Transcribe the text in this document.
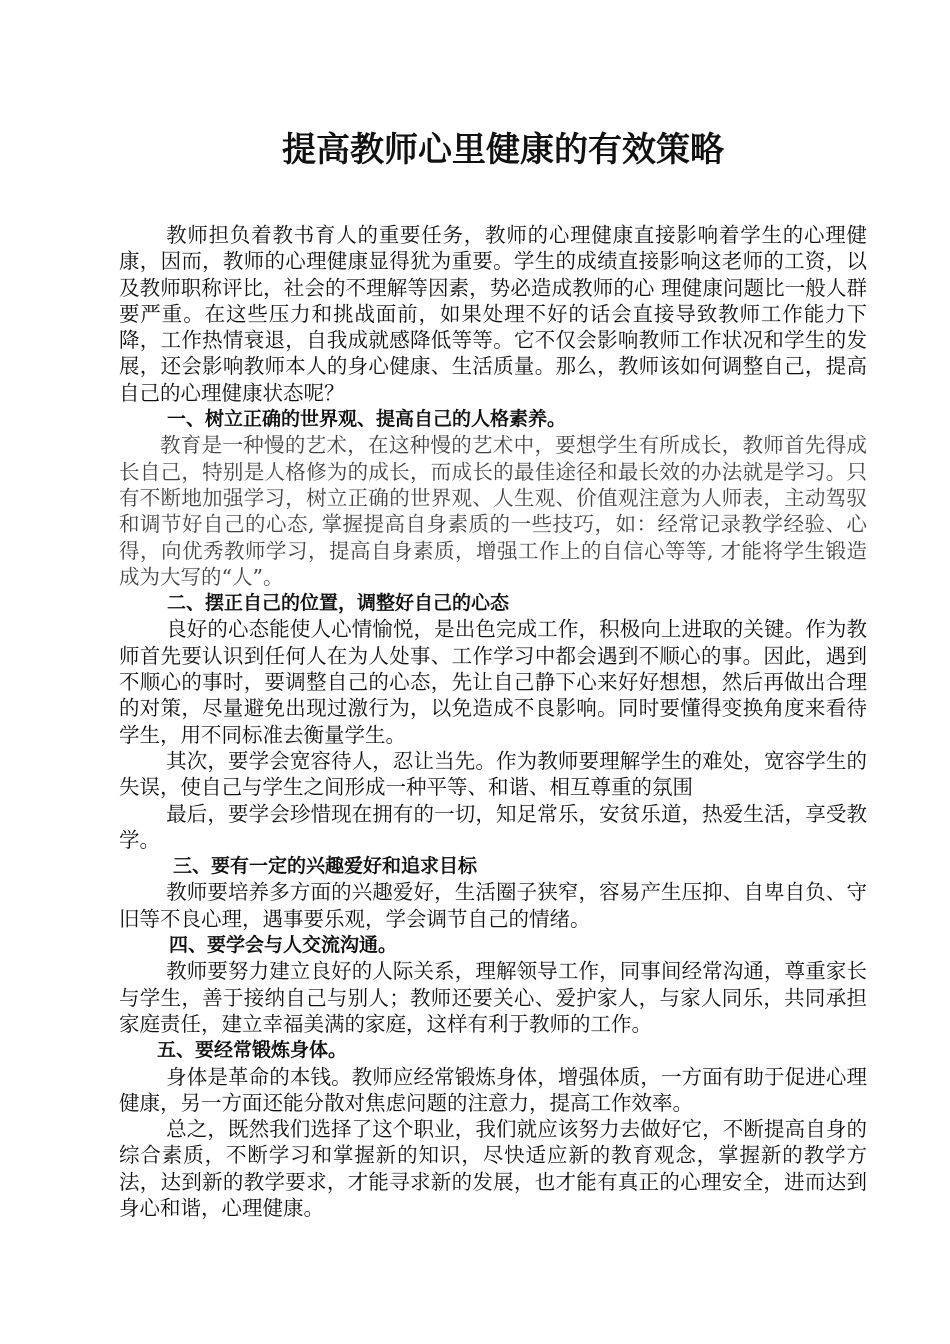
提高教师心里健康的有效策略

教师担负着教书育人的重要任务，教师的心理健康直接影响着学生的心理健康，因而，教师的心理健康显得犹为重要。学生的成绩直接影响这老师的工资，以及教师职称评比，社会的不理解等因素，势必造成教师的心 理健康问题比一般人群要严重。在这些压力和挑战面前，如果处理不好的话会直接导致教师工作能力下降，工作热情衰退，自我成就感降低等等。它不仅会影响教师工作状况和学生的发展，还会影响教师本人的身心健康、生活质量。那么，教师该如何调整自己，提高自己的心理健康状态呢？

一、树立正确的世界观、提高自己的人格素养。

教育是一种慢的艺术，在这种慢的艺术中，要想学生有所成长，教师首先得成长自己，特别是人格修为的成长，而成长的最佳途径和最长效的办法就是学习。只有不断地加强学习，树立正确的世界观、人生观、价值观注意为人师表，主动驾驭和调节好自己的心态, 掌握提高自身素质的一些技巧，如：经常记录教学经验、心得，向优秀教师学习，提高自身素质，增强工作上的自信心等等, 才能将学生锻造成为大写的“人”。

二、摆正自己的位置，调整好自己的心态

良好的心态能使人心情愉悦，是出色完成工作，积极向上进取的关键。作为教师首先要认识到任何人在为人处事、工作学习中都会遇到不顺心的事。因此，遇到不顺心的事时，要调整自己的心态，先让自己静下心来好好想想，然后再做出合理的对策，尽量避免出现过激行为，以免造成不良影响。同时要懂得变换角度来看待学生，用不同标准去衡量学生。

其次，要学会宽容待人，忍让当先。作为教师要理解学生的难处，宽容学生的失误，使自己与学生之间形成一种平等、和谐、相互尊重的氛围

最后，要学会珍惜现在拥有的一切，知足常乐，安贫乐道，热爱生活，享受教学。

三、要有一定的兴趣爱好和追求目标

教师要培养多方面的兴趣爱好，生活圈子狭窄，容易产生压抑、自卑自负、守旧等不良心理，遇事要乐观，学会调节自己的情绪。

四、要学会与人交流沟通。

教师要努力建立良好的人际关系，理解领导工作，同事间经常沟通，尊重家长与学生，善于接纳自己与别人；教师还要关心、爱护家人，与家人同乐，共同承担家庭责任，建立幸福美满的家庭，这样有利于教师的工作。

五、要经常锻炼身体。

身体是革命的本钱。教师应经常锻炼身体，增强体质，一方面有助于促进心理健康，另一方面还能分散对焦虑问题的注意力，提高工作效率。

总之，既然我们选择了这个职业，我们就应该努力去做好它，不断提高自身的综合素质，不断学习和掌握新的知识，尽快适应新的教育观念，掌握新的教学方法，达到新的教学要求，才能寻求新的发展，也才能有真正的心理安全，进而达到身心和谐，心理健康。
